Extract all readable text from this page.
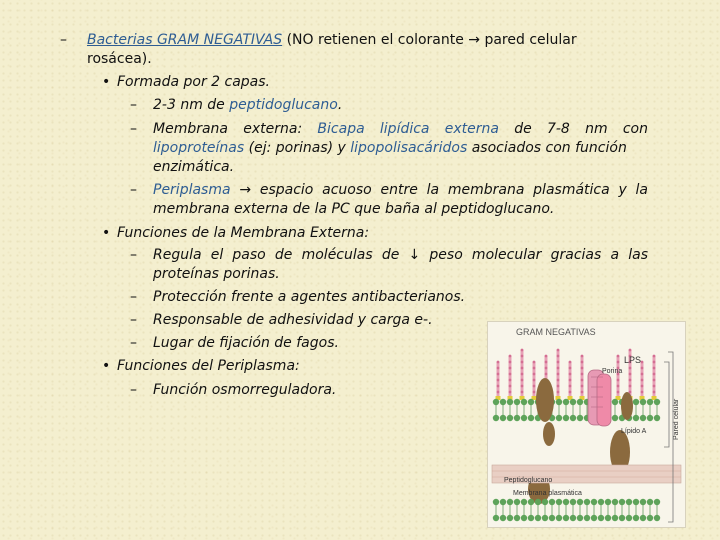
– Bacterias GRAM NEGATIVAS (NO retienen el colorante → pared celular
rosácea).
• Formada por 2 capas.
– 2-3 nm de peptidoglucano.
– Membrana externa: Bicapa lipídica externa de 7-8 nm con
lipoproteínas (ej: porinas) y lipopolisacáridos asociados con función
enzimática.
– Periplasma → espacio acuoso entre la membrana plasmática y la
membrana externa de la PC que baña al peptidoglucano.
• Funciones de la Membrana Externa:
– Regula el paso de moléculas de ↓ peso molecular gracias a las
proteínas porinas.
– Protección frente a agentes antibacterianos.
– Responsable de adhesividad y carga e-.
– Lugar de fijación de fagos.
• Funciones del Periplasma:
– Función osmorreguladora.
GRAM NEGATIVAS
LPS
Porina
Lípido A
Peptidoglucano
Membrana plasmática
Pared celular
